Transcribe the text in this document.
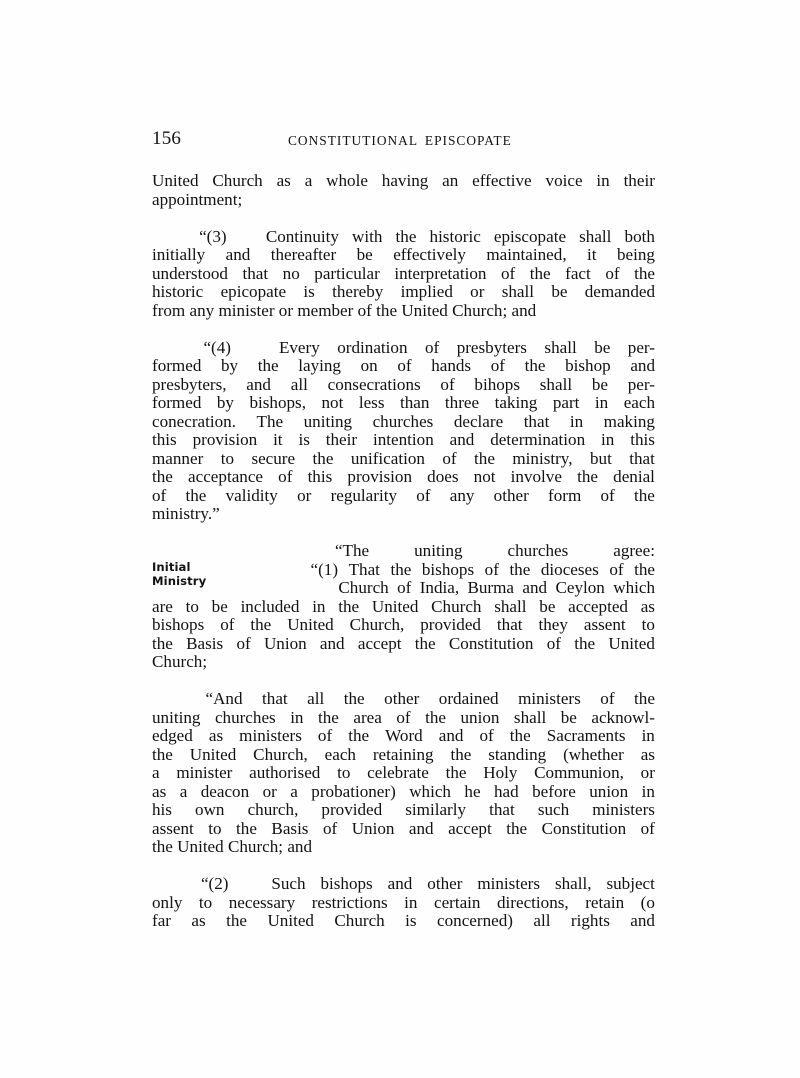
156	CONSTITUTIONAL EPISCOPATE
United Church as a whole having an effective voice in their
appointment;
“(3) Continuity with the historic episcopate shall both
initially and thereafter be effectively maintained, it being
understood that no particular interpretation of the fact of the
historic epicopate is thereby implied or shall be demanded
from
any
minister
or
member
of
the
United
Church;
and
“(4)	Every ordination of presbyters shall be per-
formed by the laying on of hands of the bishop and
presbyters, and all consecrations of bihops shall be per-
formed by bishops, not less than three taking part in each
conecration. The uniting churches declare that in making
this provision it is their intention and determination in this
manner to secure the unification of the ministry, but that
the acceptance of this provision does not involve the denial
of the validity or regularity of any other form of the
ministry.”
Initial
Ministry
“The	uniting	churches	agree:
“(1) That the bishops of the dioceses of the
Church of India, Burma and Ceylon which
are to be included in the United Church shall be accepted as
bishops of the United Church, provided that they assent to
the Basis of Union and accept the Constitution of the United
Church;
“And that all the other ordained ministers of the
uniting churches in the area of the union shall be acknowl-
edged as ministers of the Word and of the Sacraments in
the United Church, each retaining the standing (whether as
a minister authorised to celebrate the Holy Communion, or
as a deacon or a probationer) which he had before union in
his own church, provided similarly that such ministers
assent to the Basis of Union and accept the Constitution of
the
United
Church;
and
“(2)	Such bishops and other ministers shall, subject
only to necessary restrictions in certain directions, retain (o
far as the United Church is concerned) all rights and
